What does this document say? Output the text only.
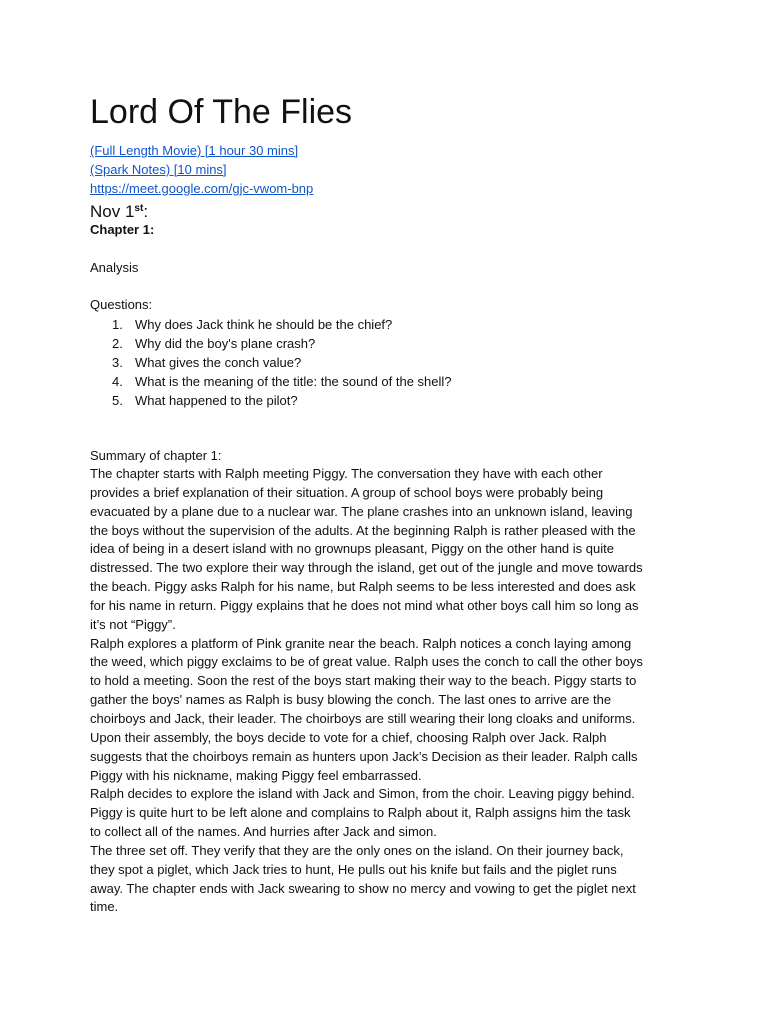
Lord Of The Flies
(Full Length Movie) [1 hour 30 mins]
(Spark Notes) [10 mins]
https://meet.google.com/gjc-vwom-bnp
Nov 1st:
Chapter 1:
Analysis
Questions:
1. Why does Jack think he should be the chief?
2. Why did the boy's plane crash?
3. What gives the conch value?
4. What is the meaning of the title: the sound of the shell?
5. What happened to the pilot?
Summary of chapter 1:
The chapter starts with Ralph meeting Piggy. The conversation they have with each other
provides a brief explanation of their situation. A group of school boys were probably being
evacuated by a plane due to a nuclear war. The plane crashes into an unknown island, leaving
the boys without the supervision of the adults. At the beginning Ralph is rather pleased with the
idea of being in a desert island with no grownups pleasant, Piggy on the other hand is quite
distressed. The two explore their way through the island, get out of the jungle and move towards
the beach. Piggy asks Ralph for his name, but Ralph seems to be less interested and does ask
for his name in return. Piggy explains that he does not mind what other boys call him so long as
it’s not “Piggy”.
Ralph explores a platform of Pink granite near the beach. Ralph notices a conch laying among
the weed, which piggy exclaims to be of great value. Ralph uses the conch to call the other boys
to hold a meeting. Soon the rest of the boys start making their way to the beach. Piggy starts to
gather the boys' names as Ralph is busy blowing the conch. The last ones to arrive are the
choirboys and Jack, their leader. The choirboys are still wearing their long cloaks and uniforms.
Upon their assembly, the boys decide to vote for a chief, choosing Ralph over Jack. Ralph
suggests that the choirboys remain as hunters upon Jack’s Decision as their leader. Ralph calls
Piggy with his nickname, making Piggy feel embarrassed.
Ralph decides to explore the island with Jack and Simon, from the choir. Leaving piggy behind.
Piggy is quite hurt to be left alone and complains to Ralph about it, Ralph assigns him the task
to collect all of the names. And hurries after Jack and simon.
The three set off. They verify that they are the only ones on the island. On their journey back,
they spot a piglet, which Jack tries to hunt, He pulls out his knife but fails and the piglet runs
away. The chapter ends with Jack swearing to show no mercy and vowing to get the piglet next
time.
